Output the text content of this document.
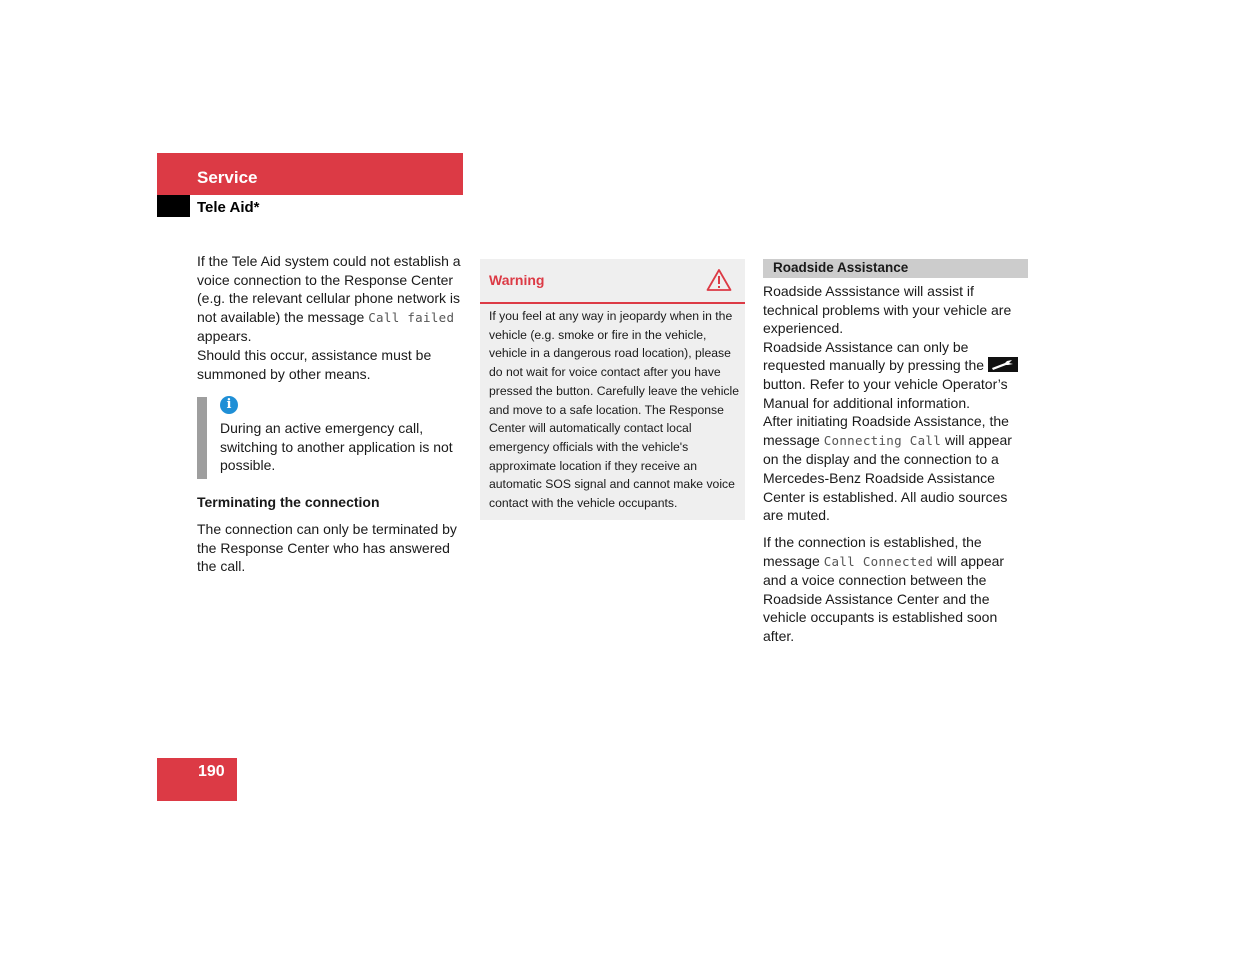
Service
Tele Aid*

If the Tele Aid system could not establish a voice connection to the Response Center (e.g. the relevant cellular phone network is not available) the message Call failed appears.

Should this occur, assistance must be summoned by other means.

i
During an active emergency call, switching to another application is not possible.
Terminating the connection

The connection can only be terminated by the Response Center who has answered the call.

Warning

If you feel at any way in jeopardy when in the vehicle (e.g. smoke or fire in the vehicle, vehicle in a dangerous road location), please do not wait for voice contact after you have pressed the button. Carefully leave the vehicle and move to a safe location. The Response Center will automatically contact local emergency officials with the vehicle's approximate location if they receive an automatic SOS signal and cannot make voice contact with the vehicle occupants.

Roadside Assistance

Roadside Asssistance will assist if technical problems with your vehicle are experienced.

Roadside Assistance can only be requested manually by pressing the
button. Refer to your vehicle Operator’s Manual for additional information.

After initiating Roadside Assistance, the message Connecting Call will appear on the display and the connection to a Mercedes-Benz Roadside Assistance Center is established. All audio sources are muted.

If the connection is established, the message Call Connected will appear and a voice connection between the Roadside Assistance Center and the vehicle occupants is established soon after.

190
